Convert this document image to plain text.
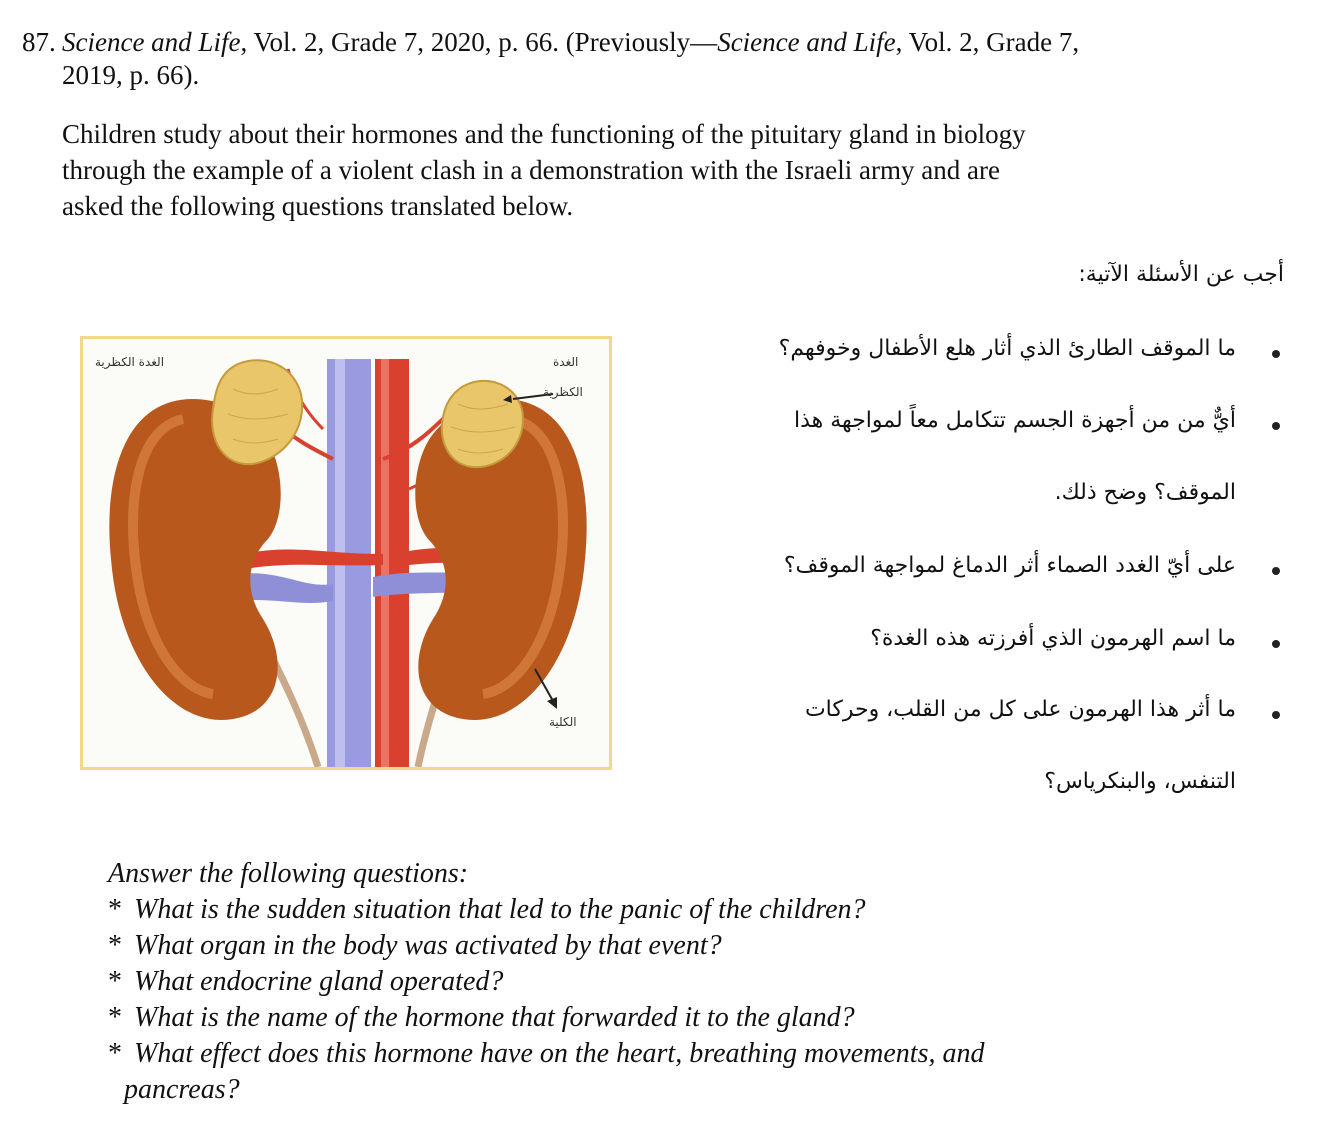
87. Science and Life, Vol. 2, Grade 7, 2020, p. 66. (Previously—Science and Life, Vol. 2, Grade 7,
2019, p. 66).
Children study about their hormones and the functioning of the pituitary gland in biology
through the example of a violent clash in a demonstration with the Israeli army and are
asked the following questions translated below.
الغدة الكظرية	الغدة
الكظرية
الكلية
أجب عن الأسئلة الآتية:
ما الموقف الطارئ الذي أثار هلع الأطفال وخوفهم؟
أيٌّ من من أجهزة الجسم تتكامل معاً لمواجهة هذا
الموقف؟ وضح ذلك.
على أيّ الغدد الصماء أثر الدماغ لمواجهة الموقف؟
ما اسم الهرمون الذي أفرزته هذه الغدة؟
ما أثر هذا الهرمون على كل من القلب، وحركات
التنفس، والبنكرياس؟
Answer the following questions:
* What is the sudden situation that led to the panic of the children?
* What organ in the body was activated by that event?
* What endocrine gland operated?
* What is the name of the hormone that forwarded it to the gland?
* What effect does this hormone have on the heart, breathing movements, and
pancreas?
